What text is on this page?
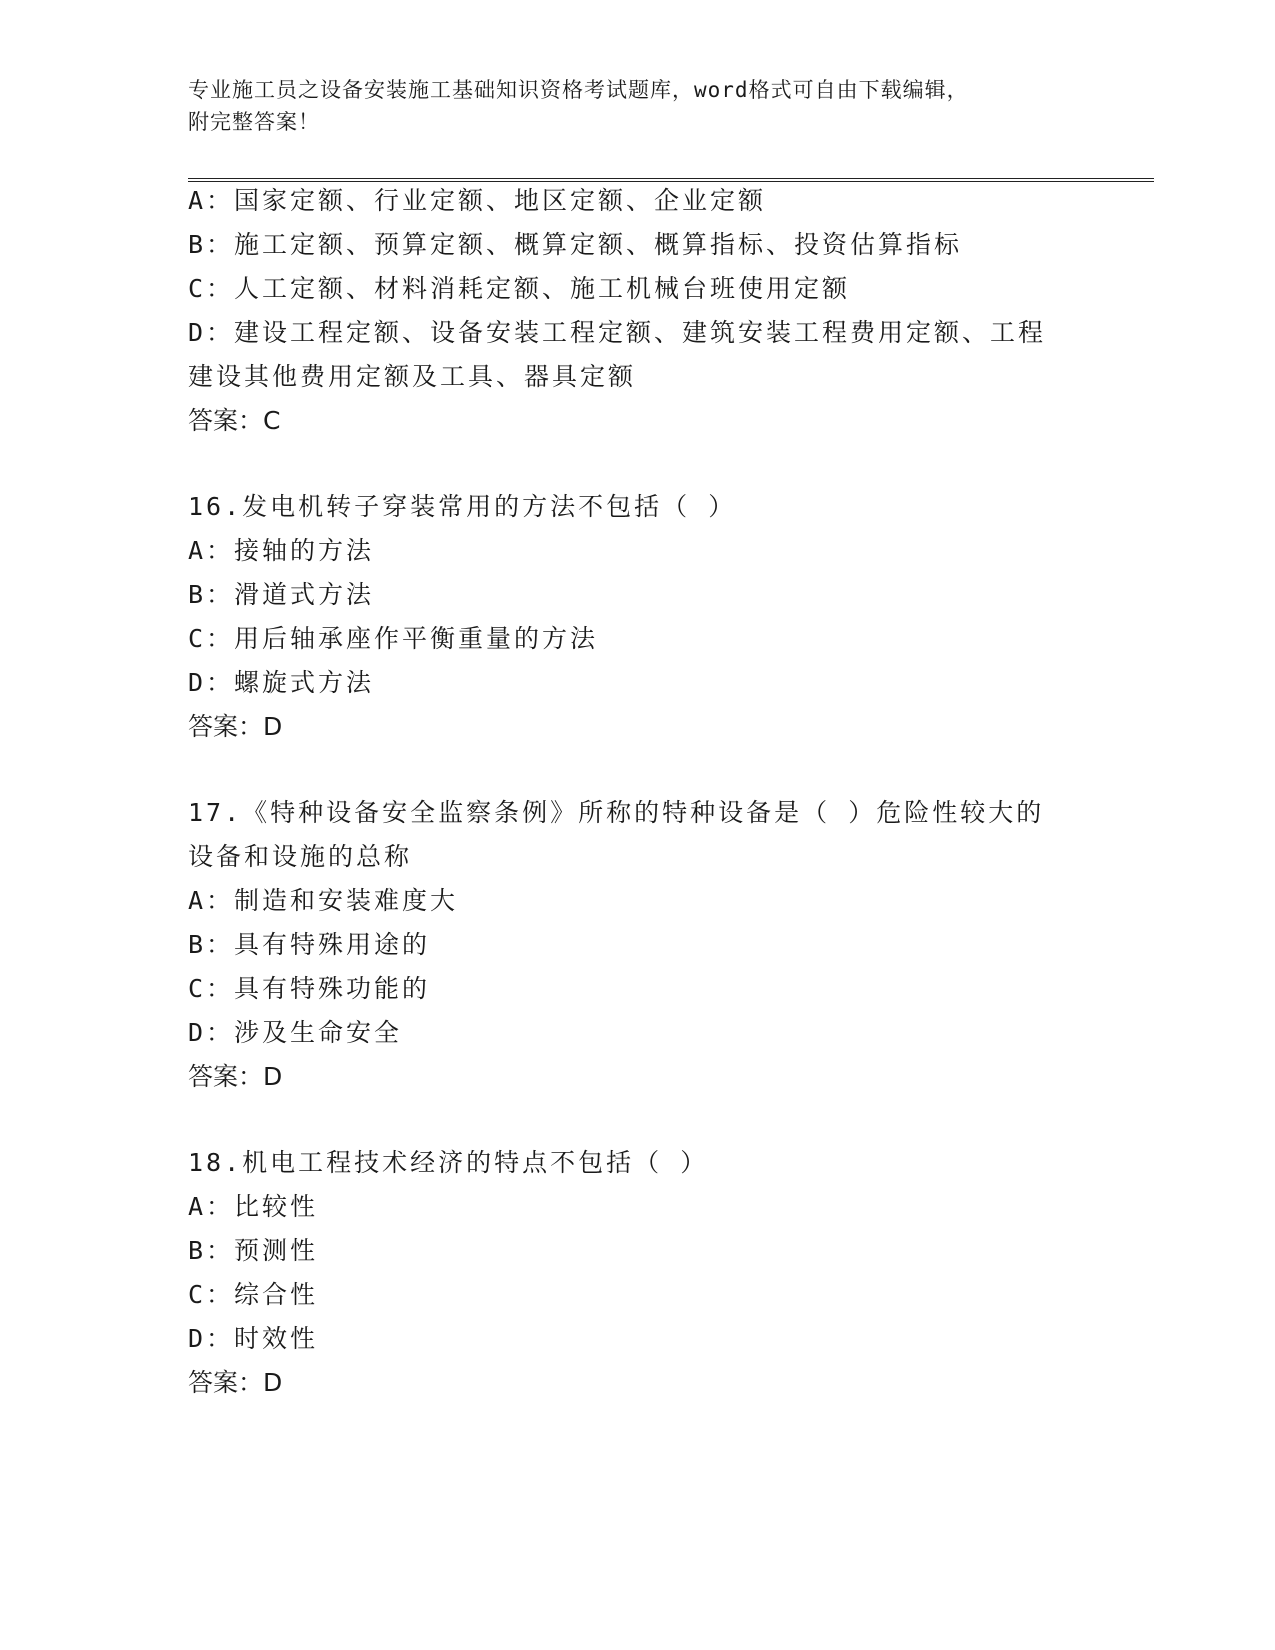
专业施工员之设备安装施工基础知识资格考试题库，word格式可自由下载编辑，
附完整答案！
A：国家定额、行业定额、地区定额、企业定额
B：施工定额、预算定额、概算定额、概算指标、投资估算指标
C：人工定额、材料消耗定额、施工机械台班使用定额
D：建设工程定额、设备安装工程定额、建筑安装工程费用定额、工程
建设其他费用定额及工具、器具定额
答案：C
16.发电机转子穿装常用的方法不包括（ ）
A：接轴的方法
B：滑道式方法
C：用后轴承座作平衡重量的方法
D：螺旋式方法
答案：D
17.《特种设备安全监察条例》所称的特种设备是（ ）危险性较大的
设备和设施的总称
A：制造和安装难度大
B：具有特殊用途的
C：具有特殊功能的
D：涉及生命安全
答案：D
18.机电工程技术经济的特点不包括（ ）
A：比较性
B：预测性
C：综合性
D：时效性
答案：D
